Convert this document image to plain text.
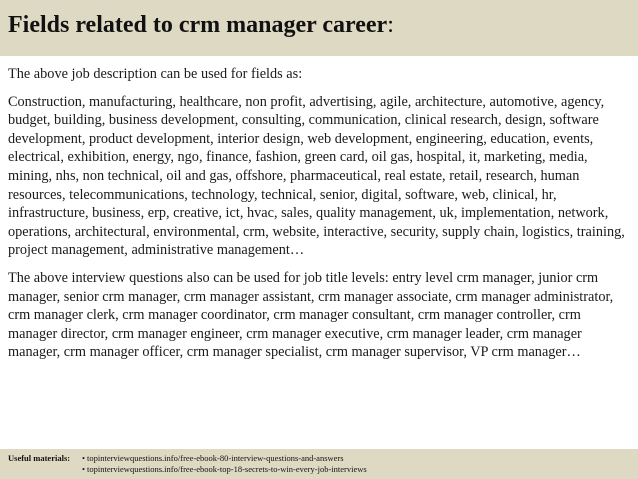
Fields related to crm manager career:

The above job description can be used for fields as:

Construction, manufacturing, healthcare, non profit, advertising, agile, architecture, automotive, agency, budget, building, business development, consulting, communication, clinical research, design, software development, product development, interior design, web development, engineering, education, events, electrical, exhibition, energy, ngo, finance, fashion, green card, oil gas, hospital, it, marketing, media, mining, nhs, non technical, oil and gas, offshore, pharmaceutical, real estate, retail, research, human resources, telecommunications, technology, technical, senior, digital, software, web, clinical, hr, infrastructure, business, erp, creative, ict, hvac, sales, quality management, uk, implementation, network, operations, architectural, environmental, crm, website, interactive, security, supply chain, logistics, training, project management, administrative management…

The above interview questions also can be used for job title levels: entry level crm manager, junior crm manager, senior crm manager, crm manager assistant, crm manager associate, crm manager administrator, crm manager clerk, crm manager coordinator, crm manager consultant, crm manager controller, crm manager director, crm manager engineer, crm manager executive, crm manager leader, crm manager manager, crm manager officer, crm manager specialist, crm manager supervisor, VP crm manager…

Useful materials:	• topinterviewquestions.info/free-ebook-80-interview-questions-and-answers
• topinterviewquestions.info/free-ebook-top-18-secrets-to-win-every-job-interviews
